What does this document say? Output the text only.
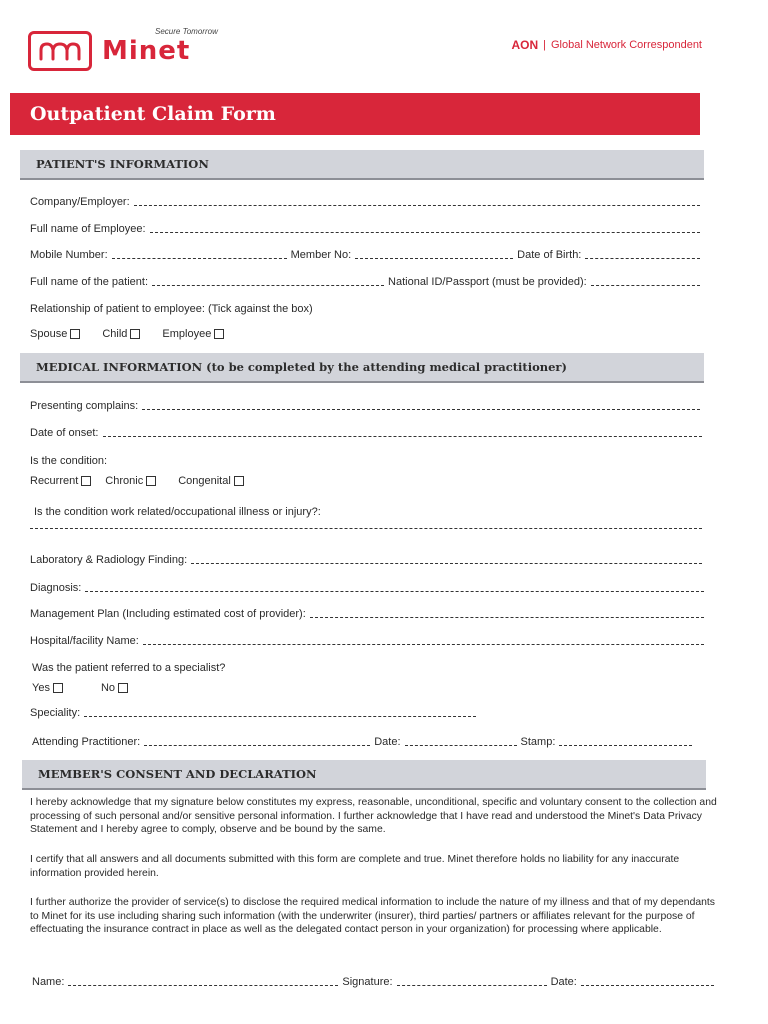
Secure Tomorrow
Minet	AON | Global Network Correspondent
Outpatient Claim Form
PATIENT'S INFORMATION
Company/Employer:
Full name of Employee:
Mobile Number:	Member No:	Date of Birth:
Full name of the patient:	National ID/Passport (must be provided):
Relationship of patient to employee: (Tick against the box)
Spouse	Child	Employee
MEDICAL INFORMATION (to be completed by the attending medical practitioner)
Presenting complains:
Date of onset:
Is the condition:
Recurrent Chronic	Congenital
Is the condition work related/occupational illness or injury?:
Laboratory & Radiology Finding:
Diagnosis:
Management Plan (Including estimated cost of provider):
Hospital/facility Name:
Was the patient referred to a specialist?
Yes	No
Speciality:
Attending Practitioner:	Date:	Stamp:
MEMBER'S CONSENT AND DECLARATION
I hereby acknowledge that my signature below constitutes my express, reasonable, unconditional, specific and voluntary consent to the collection and processing of such personal and/or sensitive personal information. I further acknowledge that I have read and understood the Minet's Data Privacy Statement and I hereby agree to comply, observe and be bound by the same.
I certify that all answers and all documents submitted with this form are complete and true. Minet therefore holds no liability for any inaccurate information provided herein.
I further authorize the provider of service(s) to disclose the required medical information to include the nature of my illness and that of my dependants to Minet for its use including sharing such information (with the underwriter (insurer), third parties/ partners or affiliates relevant for the purpose of effectuating the insurance contract in place as well as the delegated contact person in your organization) for processing where applicable.
Name:	Signature:	Date:
